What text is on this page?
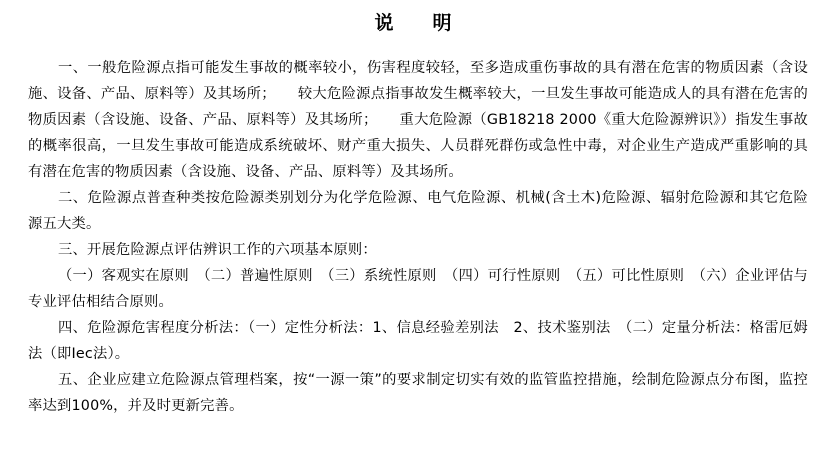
说　明

一、一般危险源点指可能发生事故的概率较小，伤害程度较轻，至多造成重伤事故的具有潜在危害的物质因素（含设施、设备、产品、原料等）及其场所；　　较大危险源点指事故发生概率较大，一旦发生事故可能造成人的具有潜在危害的物质因素（含设施、设备、产品、原料等）及其场所；　　重大危险源（GB18218 2000《重大危险源辨识》）指发生事故的概率很高，一旦发生事故可能造成系统破坏、财产重大损失、人员群死群伤或急性中毒，对企业生产造成严重影响的具有潜在危害的物质因素（含设施、设备、产品、原料等）及其场所。

二、危险源点普查种类按危险源类别划分为化学危险源、电气危险源、机械(含土木)危险源、辐射危险源和其它危险源五大类。

三、开展危险源点评估辨识工作的六项基本原则：

（一）客观实在原则　（二）普遍性原则　（三）系统性原则　（四）可行性原则　（五）可比性原则　（六）企业评估与专业评估相结合原则。

四、危险源危害程度分析法：（一）定性分析法：1、信息经验差别法　2、技术鉴别法　（二）定量分析法：格雷厄姆法（即Iec法）。

五、企业应建立危险源点管理档案，按“一源一策”的要求制定切实有效的监管监控措施，绘制危险源点分布图，监控率达到100%，并及时更新完善。
